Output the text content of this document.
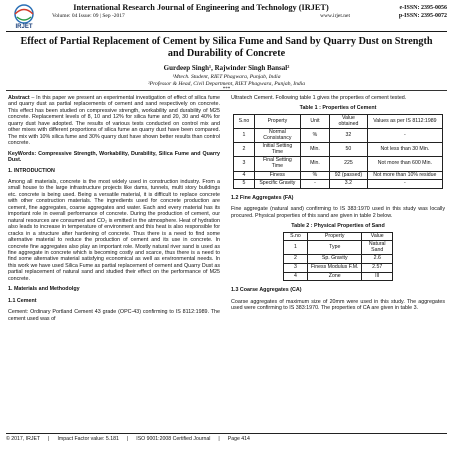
IRJET
International Research Journal of Engineering and Technology (IRJET)
Volume: 04 Issue: 09 | Sep -2017	www.irjet.net
e-ISSN: 2395-0056
p-ISSN: 2395-0072
Effect of Partial Replacement of Cement by Silica Fume and Sand by Quarry Dust on Strength and Durability of Concrete
Gurdeep Singh¹, Rajwinder Singh Bansal²
¹Mtech. Student, RIET Phagwara, Punjab, India
²Professor & Head, Civil Department, RIET Phagwara, Punjab, India

Abstract – In this paper we present an experimental investigation of effect of silica fume and quarry dust as partial replacements of cement and sand respectively on concrete. This effect has been studied on compressive strength, workability and durability of M25 concrete. Replacement levels of 8, 10 and 12% for silica fume and 20, 30 and 40% for quarry dust have adopted. The results of various tests conducted on control mix and other mixes with different proportions of silica fume an quarry dust have been compared. The mix with 10% silica fume and 30% quarry dust have shown better results than control concrete.

KeyWords: Compressive Strength, Workability, Durability, Silica Fume and Quarry Dust.

1. INTRODUCTION

Among all materials, concrete is the most widely used in construction industry. From a small house to the large infrastructure projects like dams, tunnels, multi story buildings etc. concrete is being used. Being a versatile material, it is difficult to replace concrete with other construction materials. The ingredients used for concrete production are cement, fine aggregates, coarse aggregates and water. Each and every material has its important role in overall performance of concrete. During the production of cement, our natural resources are consumed and CO₂ is emitted in the atmosphere. Heat of hydration also leads to increase in temperature of environment and this heat is also responsible for cracks in a structure after hardening of concrete. Thus there is a need to find some alternative material to reduce the production of cement and its use in concrete. In concrete fine aggregates also play an important role. Mostly natural river sand is used as fine aggregate in concrete which is becoming costly and scarce, thus there is a need to find some alternative material satisfying economical as well as environmental needs. In this work we have used Silica Fume as partial replacement of cement and Quarry Dust as partial replacement of natural sand and studied their effect on the performance of M25 concrete.

1. Materials and Methodolgy
1.1 Cement

Cement: Ordinary Portland Cement 43 grade (OPC-43) confirming to IS 8112:1989. The cement used was of

Ultratech Cement. Following table 1 gives the properties of cement tested.

Table 1 : Properties of Cement
S.no	Property	Unit	Value obtained	Values as per IS 8112:1989
1	Normal Consistancy	%	32	-
2	Initial Setting Time	Min.	50	Not less than 30 Min.
3	Final Setting Time	Min.	225	Not more than 600 Min.
4	Finess	%	92 (passed)	Not more than 10% residue
5	Specific Gravity	-	3.2	-
1.2 Fine Aggregates (FA)

Fine aggregate (natural sand) confirming to IS 383:1970 used in this study was locally procured. Physical properties of this sand are given in table 2 below.

Table 2 : Physical Properties of Sand
S.no	Property	Value
1	Type	Natural Sand
2	Sp. Gravity	2.6
3	Finess Modulus F.M.	2.57
4	Zone	III
1.3 Coarse Aggregates (CA)

Coarse aggregates of maximum size of 20mm were used in this study. The aggregates used were confirming to IS 383:1970. The properties of CA are given in table 3.

***
© 2017, IRJET | Impact Factor value: 5.181 | ISO 9001:2008 Certified Journal | Page 414
